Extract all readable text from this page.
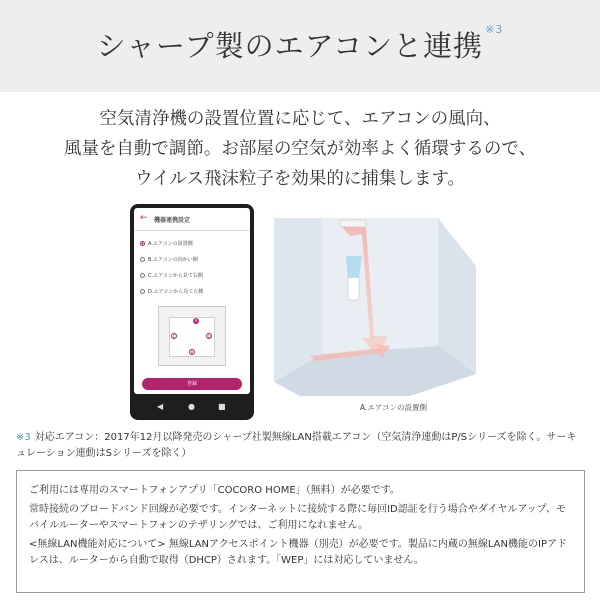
シャープ製のエアコンと連携 $^{※3}$
空気清浄機の設置位置に応じて、エアコンの風向、
風量を自動で調節。お部屋の空気が効率よく循環するので、
ウイルス飛沫粒子を効果的に捕集します。
← 機器連携設定
A.エアコンの設置側
B.エアコンの向かい側
C.エアコンから見て右側
D.エアコンから見て左側
A
B
C	D
登録
◀	●	■	A.エアコンの設置側
※3 対応エアコン：2017年12月以降発売のシャープ社製無線LAN搭載エアコン（空気清浄連動はP/Sシリーズを除く。サーキュレーション連動はSシリーズを除く）

ご利用には専用のスマートフォンアプリ「COCORO HOME」（無料）が必要です。

常時接続のブロードバンド回線が必要です。インターネットに接続する際に毎回ID認証を行う場合やダイヤルアップ、モバイルルーターやスマートフォンのテザリングでは、ご利用になれません。

<無線LAN機能対応について> 無線LANアクセスポイント機器（別売）が必要です。製品に内蔵の無線LAN機能のIPアドレスは、ルーターから自動で取得（DHCP）されます。「WEP」には対応していません。
